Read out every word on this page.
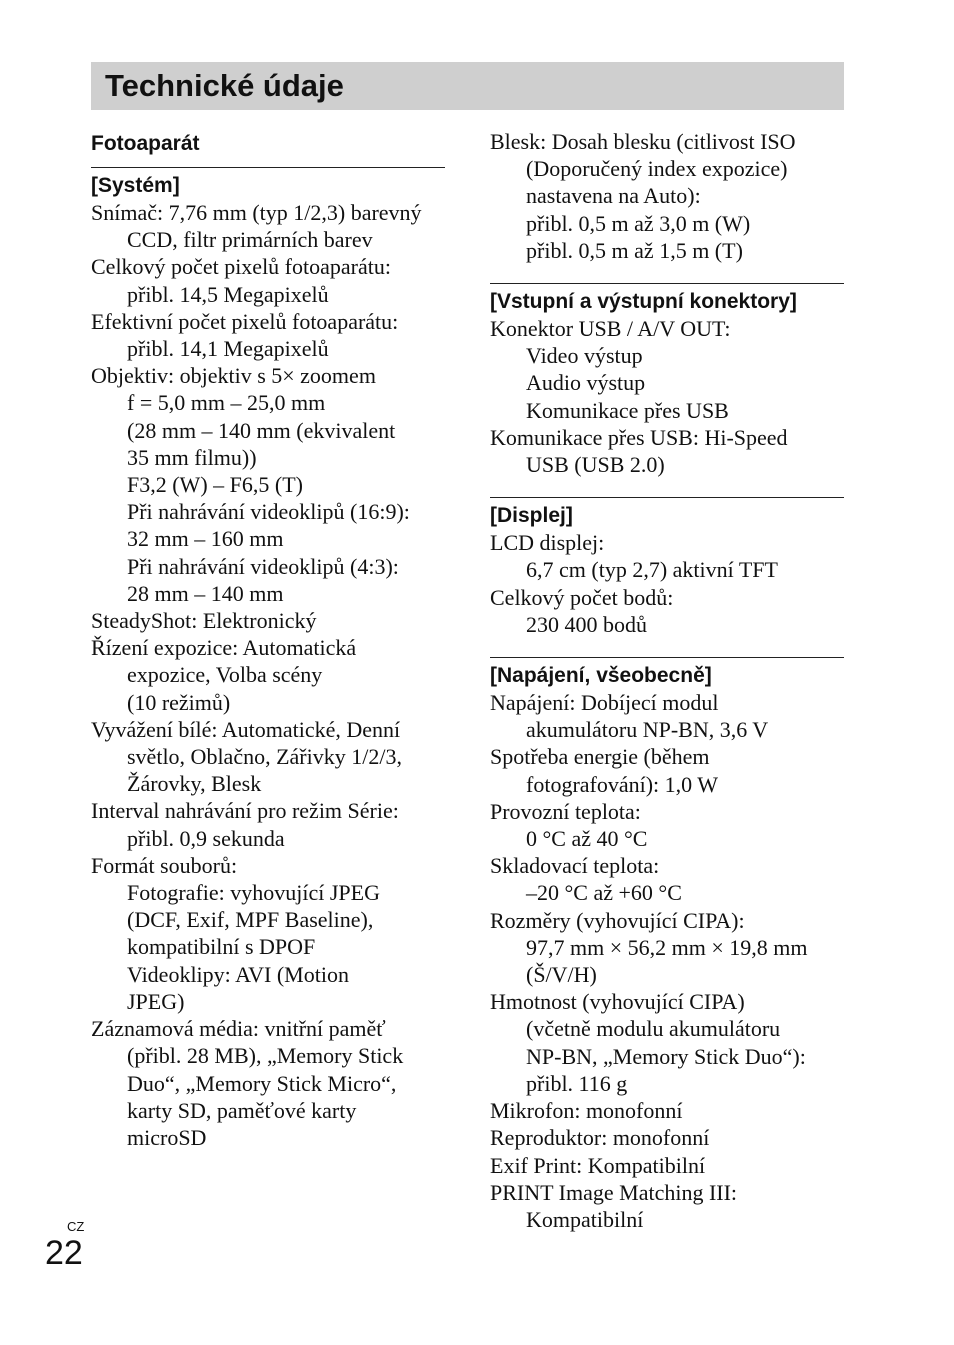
Technické údaje
Fotoaparát
[Systém]
Snímač: 7,76 mm (typ 1/2,3) barevný
CCD, filtr primárních barev
Celkový počet pixelů fotoaparátu:
přibl. 14,5 Megapixelů
Efektivní počet pixelů fotoaparátu:
přibl. 14,1 Megapixelů
Objektiv: objektiv s 5× zoomem
f = 5,0 mm – 25,0 mm
(28 mm – 140 mm (ekvivalent
35 mm filmu))
F3,2 (W) – F6,5 (T)
Při nahrávání videoklipů (16:9):
32 mm – 160 mm
Při nahrávání videoklipů (4:3):
28 mm – 140 mm
SteadyShot: Elektronický
Řízení expozice: Automatická
expozice, Volba scény
(10 režimů)
Vyvážení bílé: Automatické, Denní
světlo, Oblačno, Zářivky 1/2/3,
Žárovky, Blesk
Interval nahrávání pro režim Série:
přibl. 0,9 sekunda
Formát souborů:
Fotografie: vyhovující JPEG
(DCF, Exif, MPF Baseline),
kompatibilní s DPOF
Videoklipy: AVI (Motion
JPEG)
Záznamová média: vnitřní paměť
(přibl. 28 MB), „Memory Stick
Duo“, „Memory Stick Micro“,
karty SD, paměťové karty
microSD
Blesk: Dosah blesku (citlivost ISO
(Doporučený index expozice)
nastavena na Auto):
přibl. 0,5 m až 3,0 m (W)
přibl. 0,5 m až 1,5 m (T)
[Vstupní a výstupní konektory]
Konektor USB / A/V OUT:
Video výstup
Audio výstup
Komunikace přes USB
Komunikace přes USB: Hi-Speed
USB (USB 2.0)
[Displej]
LCD displej:
6,7 cm (typ 2,7) aktivní TFT
Celkový počet bodů:
230 400 bodů
[Napájení, všeobecně]
Napájení: Dobíjecí modul
akumulátoru NP-BN, 3,6 V
Spotřeba energie (během
fotografování): 1,0 W
Provozní teplota:
0 °C až 40 °C
Skladovací teplota:
–20 °C až +60 °C
Rozměry (vyhovující CIPA):
97,7 mm × 56,2 mm × 19,8 mm
(Š/V/H)
Hmotnost (vyhovující CIPA)
(včetně modulu akumulátoru
NP-BN, „Memory Stick Duo“):
přibl. 116 g
Mikrofon: monofonní
Reproduktor: monofonní
Exif Print: Kompatibilní
PRINT Image Matching III:
Kompatibilní
CZ
22
